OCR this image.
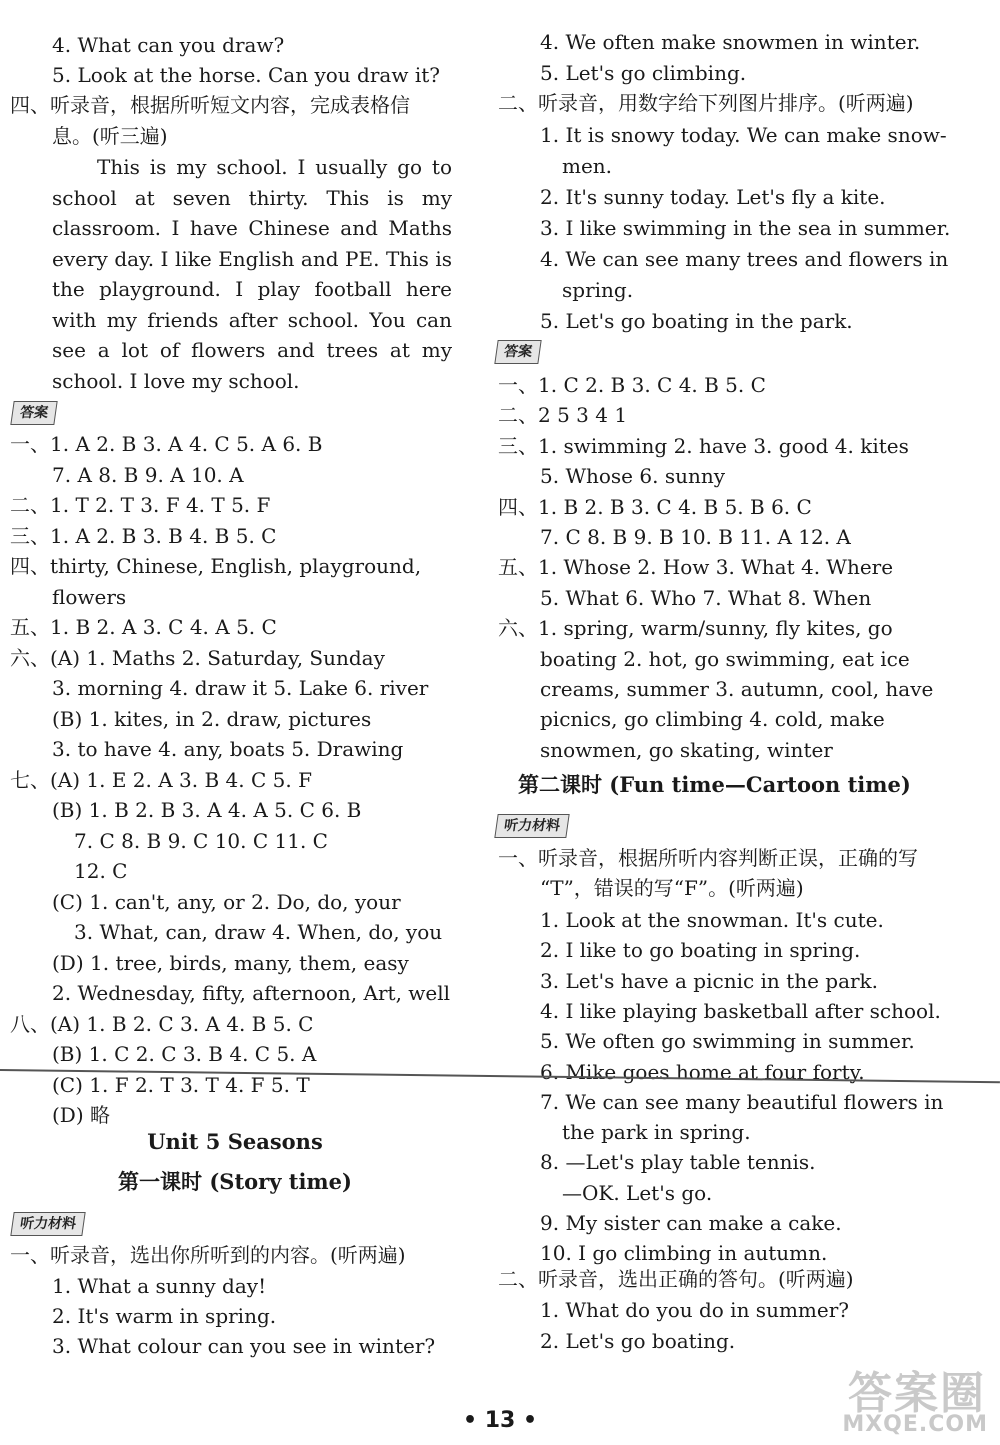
4. What can you draw?
5. Look at the horse. Can you draw it?
四、听录音，根据所听短文内容，完成表格信
息。(听三遍)
This is my school. I usually go to school at seven thirty. This is my classroom. I have Chinese and Maths every day. I like English and PE. This is the playground. I play football here with my friends after school. You can see a lot of flowers and trees at my school. I love my school.
答案
一、1. A 2. B 3. A 4. C 5. A 6. B
7. A 8. B 9. A 10. A
二、1. T 2. T 3. F 4. T 5. F
三、1. A 2. B 3. B 4. B 5. C
四、thirty, Chinese, English, playground,
flowers
五、1. B 2. A 3. C 4. A 5. C
六、(A) 1. Maths 2. Saturday, Sunday
3. morning 4. draw it 5. Lake 6. river
(B) 1. kites, in 2. draw, pictures
3. to have 4. any, boats 5. Drawing
七、(A) 1. E 2. A 3. B 4. C 5. F
(B) 1. B 2. B 3. A 4. A 5. C 6. B
7. C 8. B 9. C 10. C 11. C
12. C
(C) 1. can't, any, or 2. Do, do, your
3. What, can, draw 4. When, do, you
(D) 1. tree, birds, many, them, easy
2. Wednesday, fifty, afternoon, Art, well
八、(A) 1. B 2. C 3. A 4. B 5. C
(B) 1. C 2. C 3. B 4. C 5. A
(C) 1. F 2. T 3. T 4. F 5. T
(D) 略
Unit 5 Seasons
第一课时 (Story time)
听力材料
一、听录音，选出你所听到的内容。(听两遍)
1. What a sunny day!
2. It's warm in spring.
3. What colour can you see in winter?
4. We often make snowmen in winter.
5. Let's go climbing.
二、听录音，用数字给下列图片排序。(听两遍)
1. It is snowy today. We can make snow-
men.
2. It's sunny today. Let's fly a kite.
3. I like swimming in the sea in summer.
4. We can see many trees and flowers in
spring.
5. Let's go boating in the park.
答案
一、1. C 2. B 3. C 4. B 5. C
二、2 5 3 4 1
三、1. swimming 2. have 3. good 4. kites
5. Whose 6. sunny
四、1. B 2. B 3. C 4. B 5. B 6. C
7. C 8. B 9. B 10. B 11. A 12. A
五、1. Whose 2. How 3. What 4. Where
5. What 6. Who 7. What 8. When
六、1. spring, warm/sunny, fly kites, go
boating 2. hot, go swimming, eat ice
creams, summer 3. autumn, cool, have
picnics, go climbing 4. cold, make
snowmen, go skating, winter
第二课时 (Fun time—Cartoon time)
听力材料
一、听录音，根据所听内容判断正误，正确的写
“T”，错误的写“F”。(听两遍)
1. Look at the snowman. It's cute.
2. I like to go boating in spring.
3. Let's have a picnic in the park.
4. I like playing basketball after school.
5. We often go swimming in summer.
6. Mike goes home at four forty.
7. We can see many beautiful flowers in
the park in spring.
8. —Let's play table tennis.
—OK. Let's go.
9. My sister can make a cake.
10. I go climbing in autumn.
二、听录音，选出正确的答句。(听两遍)
1. What do you do in summer?
2. Let's go boating.
• 13 •
答案圈
MXQE.COM
